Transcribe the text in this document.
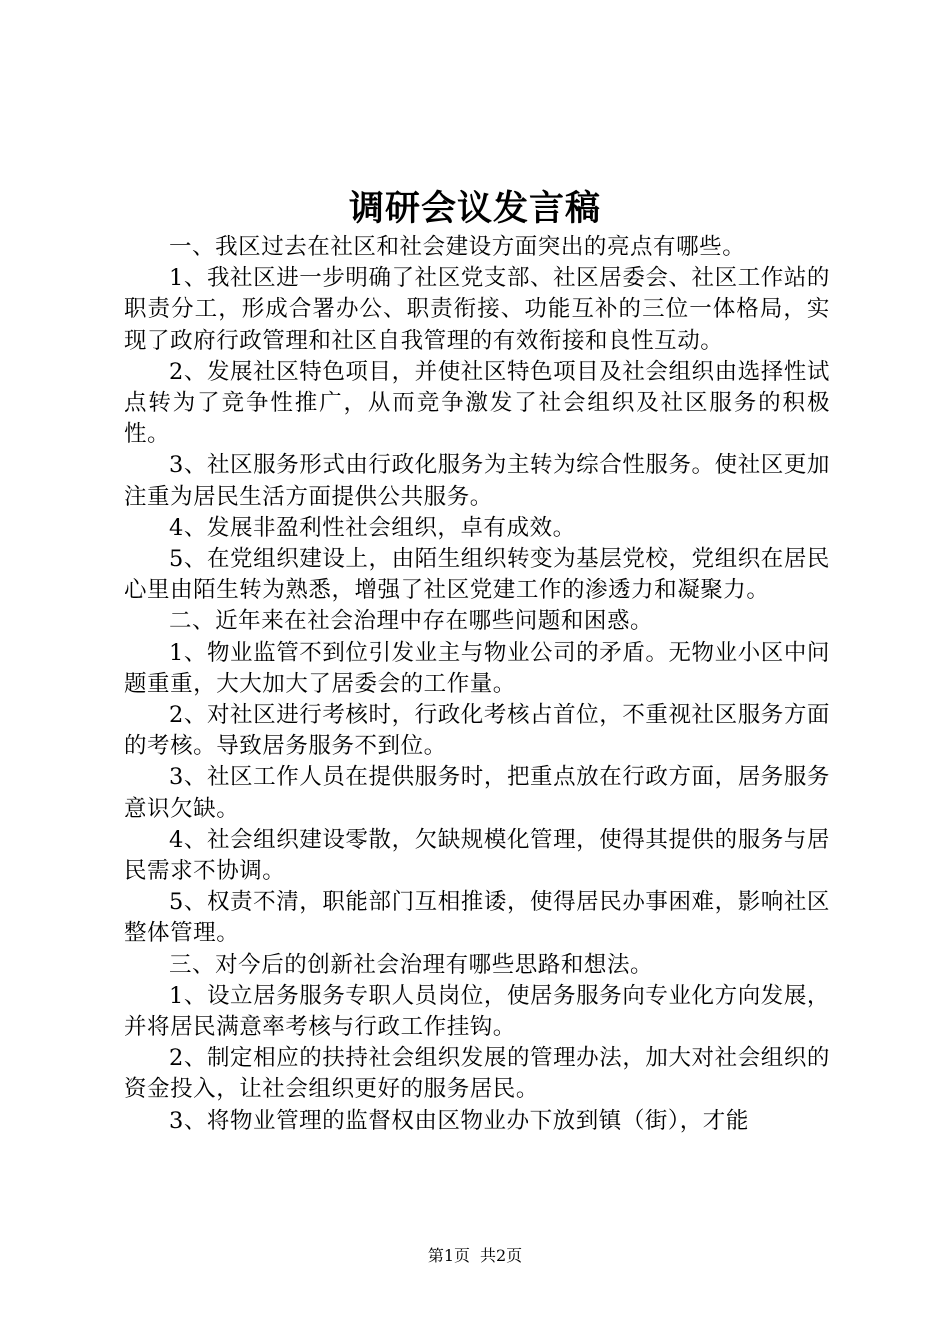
调研会议发言稿

一、我区过去在社区和社会建设方面突出的亮点有哪些。

1、我社区进一步明确了社区党支部、社区居委会、社区工作站的职责分工，形成合署办公、职责衔接、功能互补的三位一体格局，实现了政府行政管理和社区自我管理的有效衔接和良性互动。

2、发展社区特色项目，并使社区特色项目及社会组织由选择性试点转为了竞争性推广，从而竞争激发了社会组织及社区服务的积极性。

3、社区服务形式由行政化服务为主转为综合性服务。使社区更加注重为居民生活方面提供公共服务。

4、发展非盈利性社会组织，卓有成效。

5、在党组织建设上，由陌生组织转变为基层党校，党组织在居民心里由陌生转为熟悉，增强了社区党建工作的渗透力和凝聚力。

二、近年来在社会治理中存在哪些问题和困惑。

1、物业监管不到位引发业主与物业公司的矛盾。无物业小区中问题重重，大大加大了居委会的工作量。

2、对社区进行考核时，行政化考核占首位，不重视社区服务方面的考核。导致居务服务不到位。

3、社区工作人员在提供服务时，把重点放在行政方面，居务服务意识欠缺。

4、社会组织建设零散，欠缺规模化管理，使得其提供的服务与居民需求不协调。

5、权责不清，职能部门互相推诿，使得居民办事困难，影响社区整体管理。

三、对今后的创新社会治理有哪些思路和想法。

1、设立居务服务专职人员岗位，使居务服务向专业化方向发展，并将居民满意率考核与行政工作挂钩。

2、制定相应的扶持社会组织发展的管理办法，加大对社会组织的资金投入，让社会组织更好的服务居民。

3、将物业管理的监督权由区物业办下放到镇（街），才能

第1页 共2页
